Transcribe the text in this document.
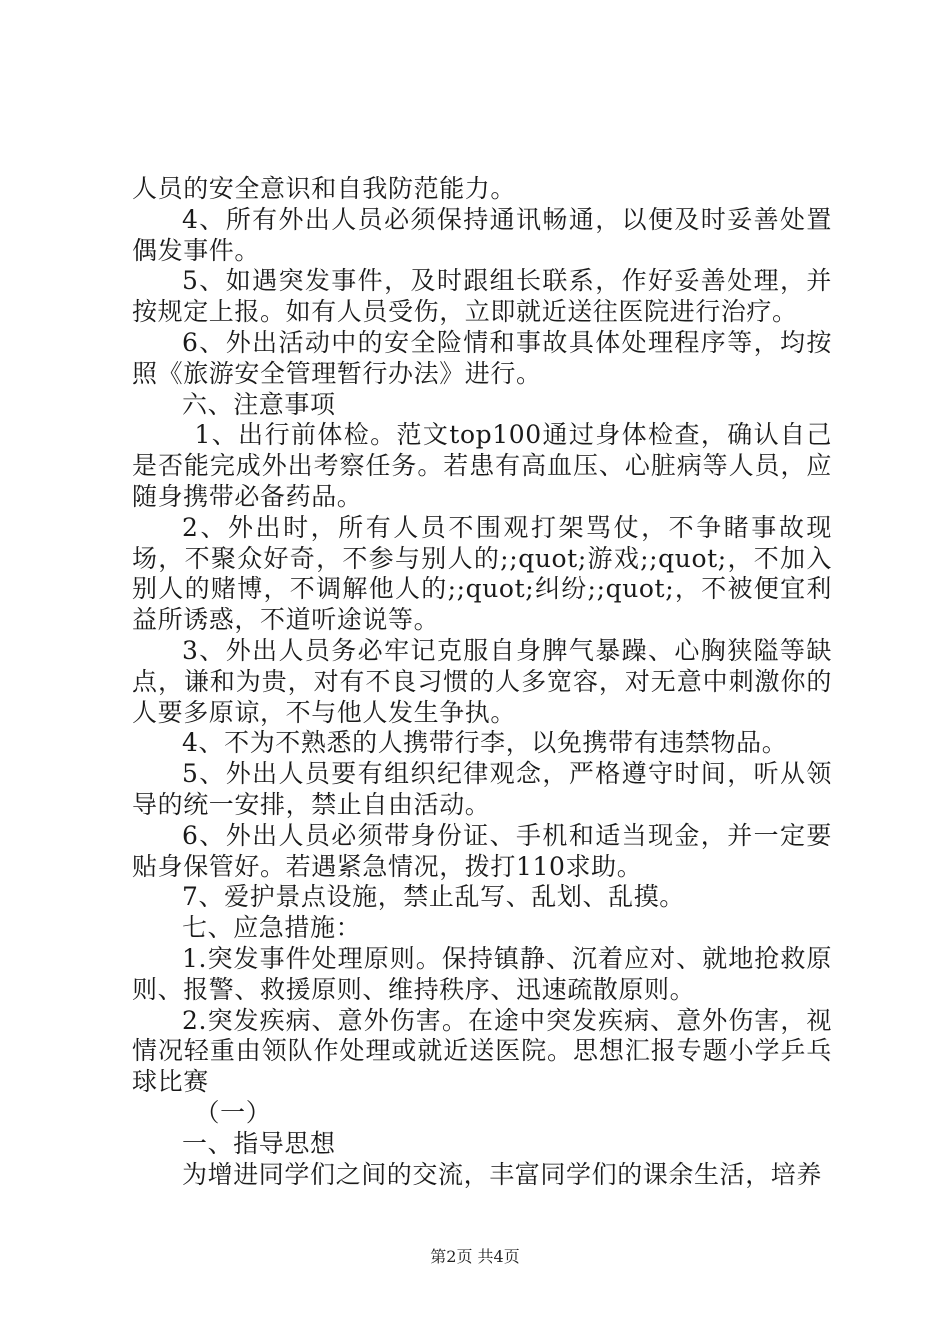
人员的安全意识和自我防范能力。

4、所有外出人员必须保持通讯畅通，以便及时妥善处置偶发事件。

5、如遇突发事件，及时跟组长联系，作好妥善处理，并按规定上报。如有人员受伤，立即就近送往医院进行治疗。

6、外出活动中的安全险情和事故具体处理程序等，均按照《旅游安全管理暂行办法》进行。

六、注意事项

1、出行前体检。范文top100通过身体检查，确认自己是否能完成外出考察任务。若患有高血压、心脏病等人员，应随身携带必备药品。

2、外出时，所有人员不围观打架骂仗，不争睹事故现场，不聚众好奇，不参与别人的;;quot;游戏;;quot;，不加入别人的赌博，不调解他人的;;quot;纠纷;;quot;，不被便宜利益所诱惑，不道听途说等。

3、外出人员务必牢记克服自身脾气暴躁、心胸狭隘等缺点，谦和为贵，对有不良习惯的人多宽容，对无意中刺激你的人要多原谅，不与他人发生争执。

4、不为不熟悉的人携带行李，以免携带有违禁物品。

5、外出人员要有组织纪律观念，严格遵守时间，听从领导的统一安排，禁止自由活动。

6、外出人员必须带身份证、手机和适当现金，并一定要贴身保管好。若遇紧急情况，拨打110求助。

7、爱护景点设施，禁止乱写、乱划、乱摸。

七、应急措施：

1.突发事件处理原则。保持镇静、沉着应对、就地抢救原则、报警、救援原则、维持秩序、迅速疏散原则。

2.突发疾病、意外伤害。在途中突发疾病、意外伤害，视情况轻重由领队作处理或就近送医院。思想汇报专题小学乒乓球比赛

（一）

一、指导思想

为增进同学们之间的交流，丰富同学们的课余生活，培养

第2页 共4页
